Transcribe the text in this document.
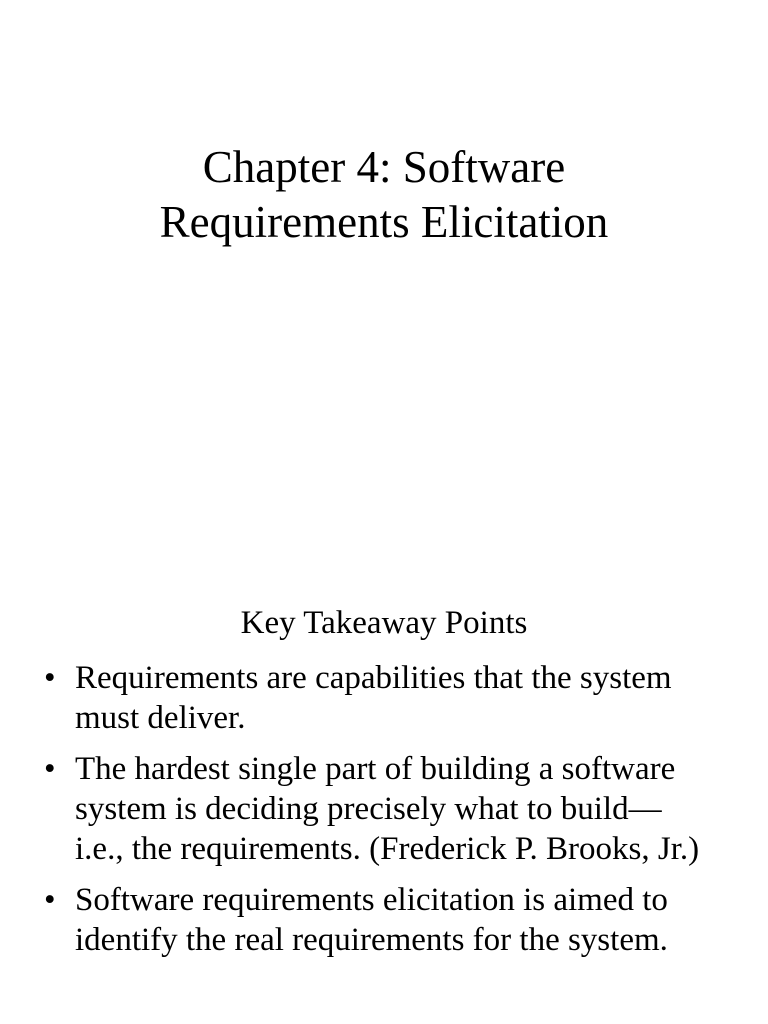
Chapter 4: Software
Requirements Elicitation
Key Takeaway Points
• Requirements are capabilities that the system
must deliver.
• The hardest single part of building a software
system is deciding precisely what to build—
i.e., the requirements. (Frederick P. Brooks, Jr.)
• Software requirements elicitation is aimed to
identify the real requirements for the system.
